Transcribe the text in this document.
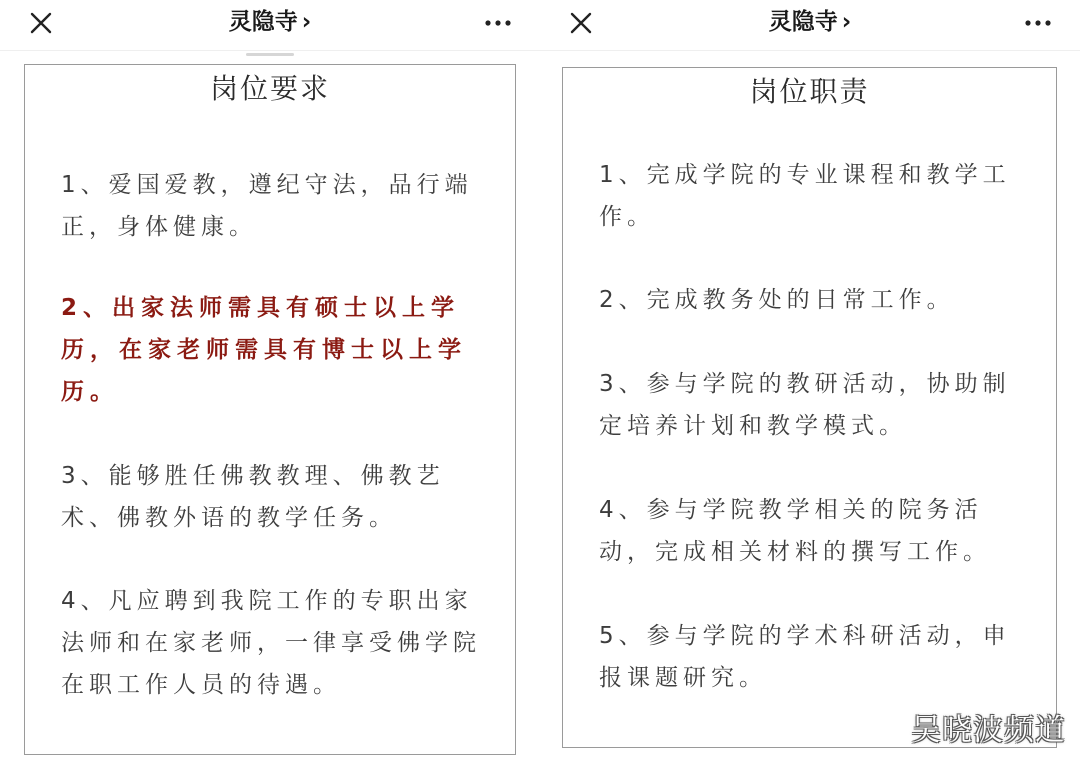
灵隐寺 ›
岗位要求
1、爱国爱教，遵纪守法，品行端正，身体健康。
2、出家法师需具有硕士以上学历，在家老师需具有博士以上学历。
3、能够胜任佛教教理、佛教艺术、佛教外语的教学任务。
4、凡应聘到我院工作的专职出家法师和在家老师，一律享受佛学院在职工作人员的待遇。
灵隐寺 ›
岗位职责
1、完成学院的专业课程和教学工作。
2、完成教务处的日常工作。
3、参与学院的教研活动，协助制定培养计划和教学模式。
4、参与学院教学相关的院务活动，完成相关材料的撰写工作。
5、参与学院的学术科研活动，申报课题研究。
吴晓波频道
